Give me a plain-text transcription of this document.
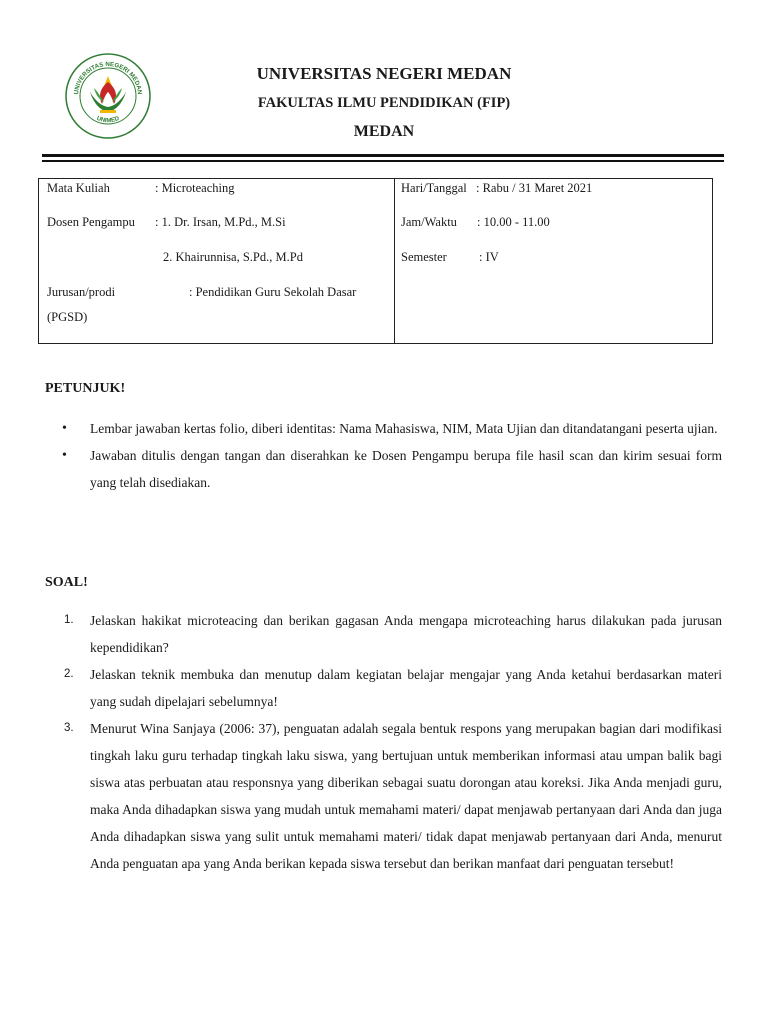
UNIVERSITAS NEGERI MEDAN
UNIMED
UNIVERSITAS NEGERI MEDAN
FAKULTAS ILMU PENDIDIKAN (FIP)
MEDAN
Mata Kuliah	: Microteaching
Dosen Pengampu : 1. Dr. Irsan, M.Pd., M.Si
2. Khairunnisa, S.Pd., M.Pd
Jurusan/prodi	: Pendidikan Guru Sekolah Dasar
(PGSD)
Hari/Tanggal : Rabu / 31 Maret 2021
Jam/Waktu : 10.00 - 11.00
Semester	: IV
PETUNJUK!
• Lembar jawaban kertas folio, diberi identitas: Nama Mahasiswa, NIM, Mata Ujian dan ditandatangani peserta ujian.
• Jawaban ditulis dengan tangan dan diserahkan ke Dosen Pengampu berupa file hasil scan dan kirim sesuai form yang telah disediakan.
SOAL!
1. Jelaskan hakikat microteacing dan berikan gagasan Anda mengapa microteaching harus dilakukan pada jurusan kependidikan?
2. Jelaskan teknik membuka dan menutup dalam kegiatan belajar mengajar yang Anda ketahui berdasarkan materi yang sudah dipelajari sebelumnya!
3. Menurut Wina Sanjaya (2006: 37), penguatan adalah segala bentuk respons yang merupakan bagian dari modifikasi tingkah laku guru terhadap tingkah laku siswa, yang bertujuan untuk memberikan informasi atau umpan balik bagi siswa atas perbuatan atau responsnya yang diberikan sebagai suatu dorongan atau koreksi. Jika Anda menjadi guru, maka Anda dihadapkan siswa yang mudah untuk memahami materi/ dapat menjawab pertanyaan dari Anda dan juga Anda dihadapkan siswa yang sulit untuk memahami materi/ tidak dapat menjawab pertanyaan dari Anda, menurut Anda penguatan apa yang Anda berikan kepada siswa tersebut dan berikan manfaat dari penguatan tersebut!
